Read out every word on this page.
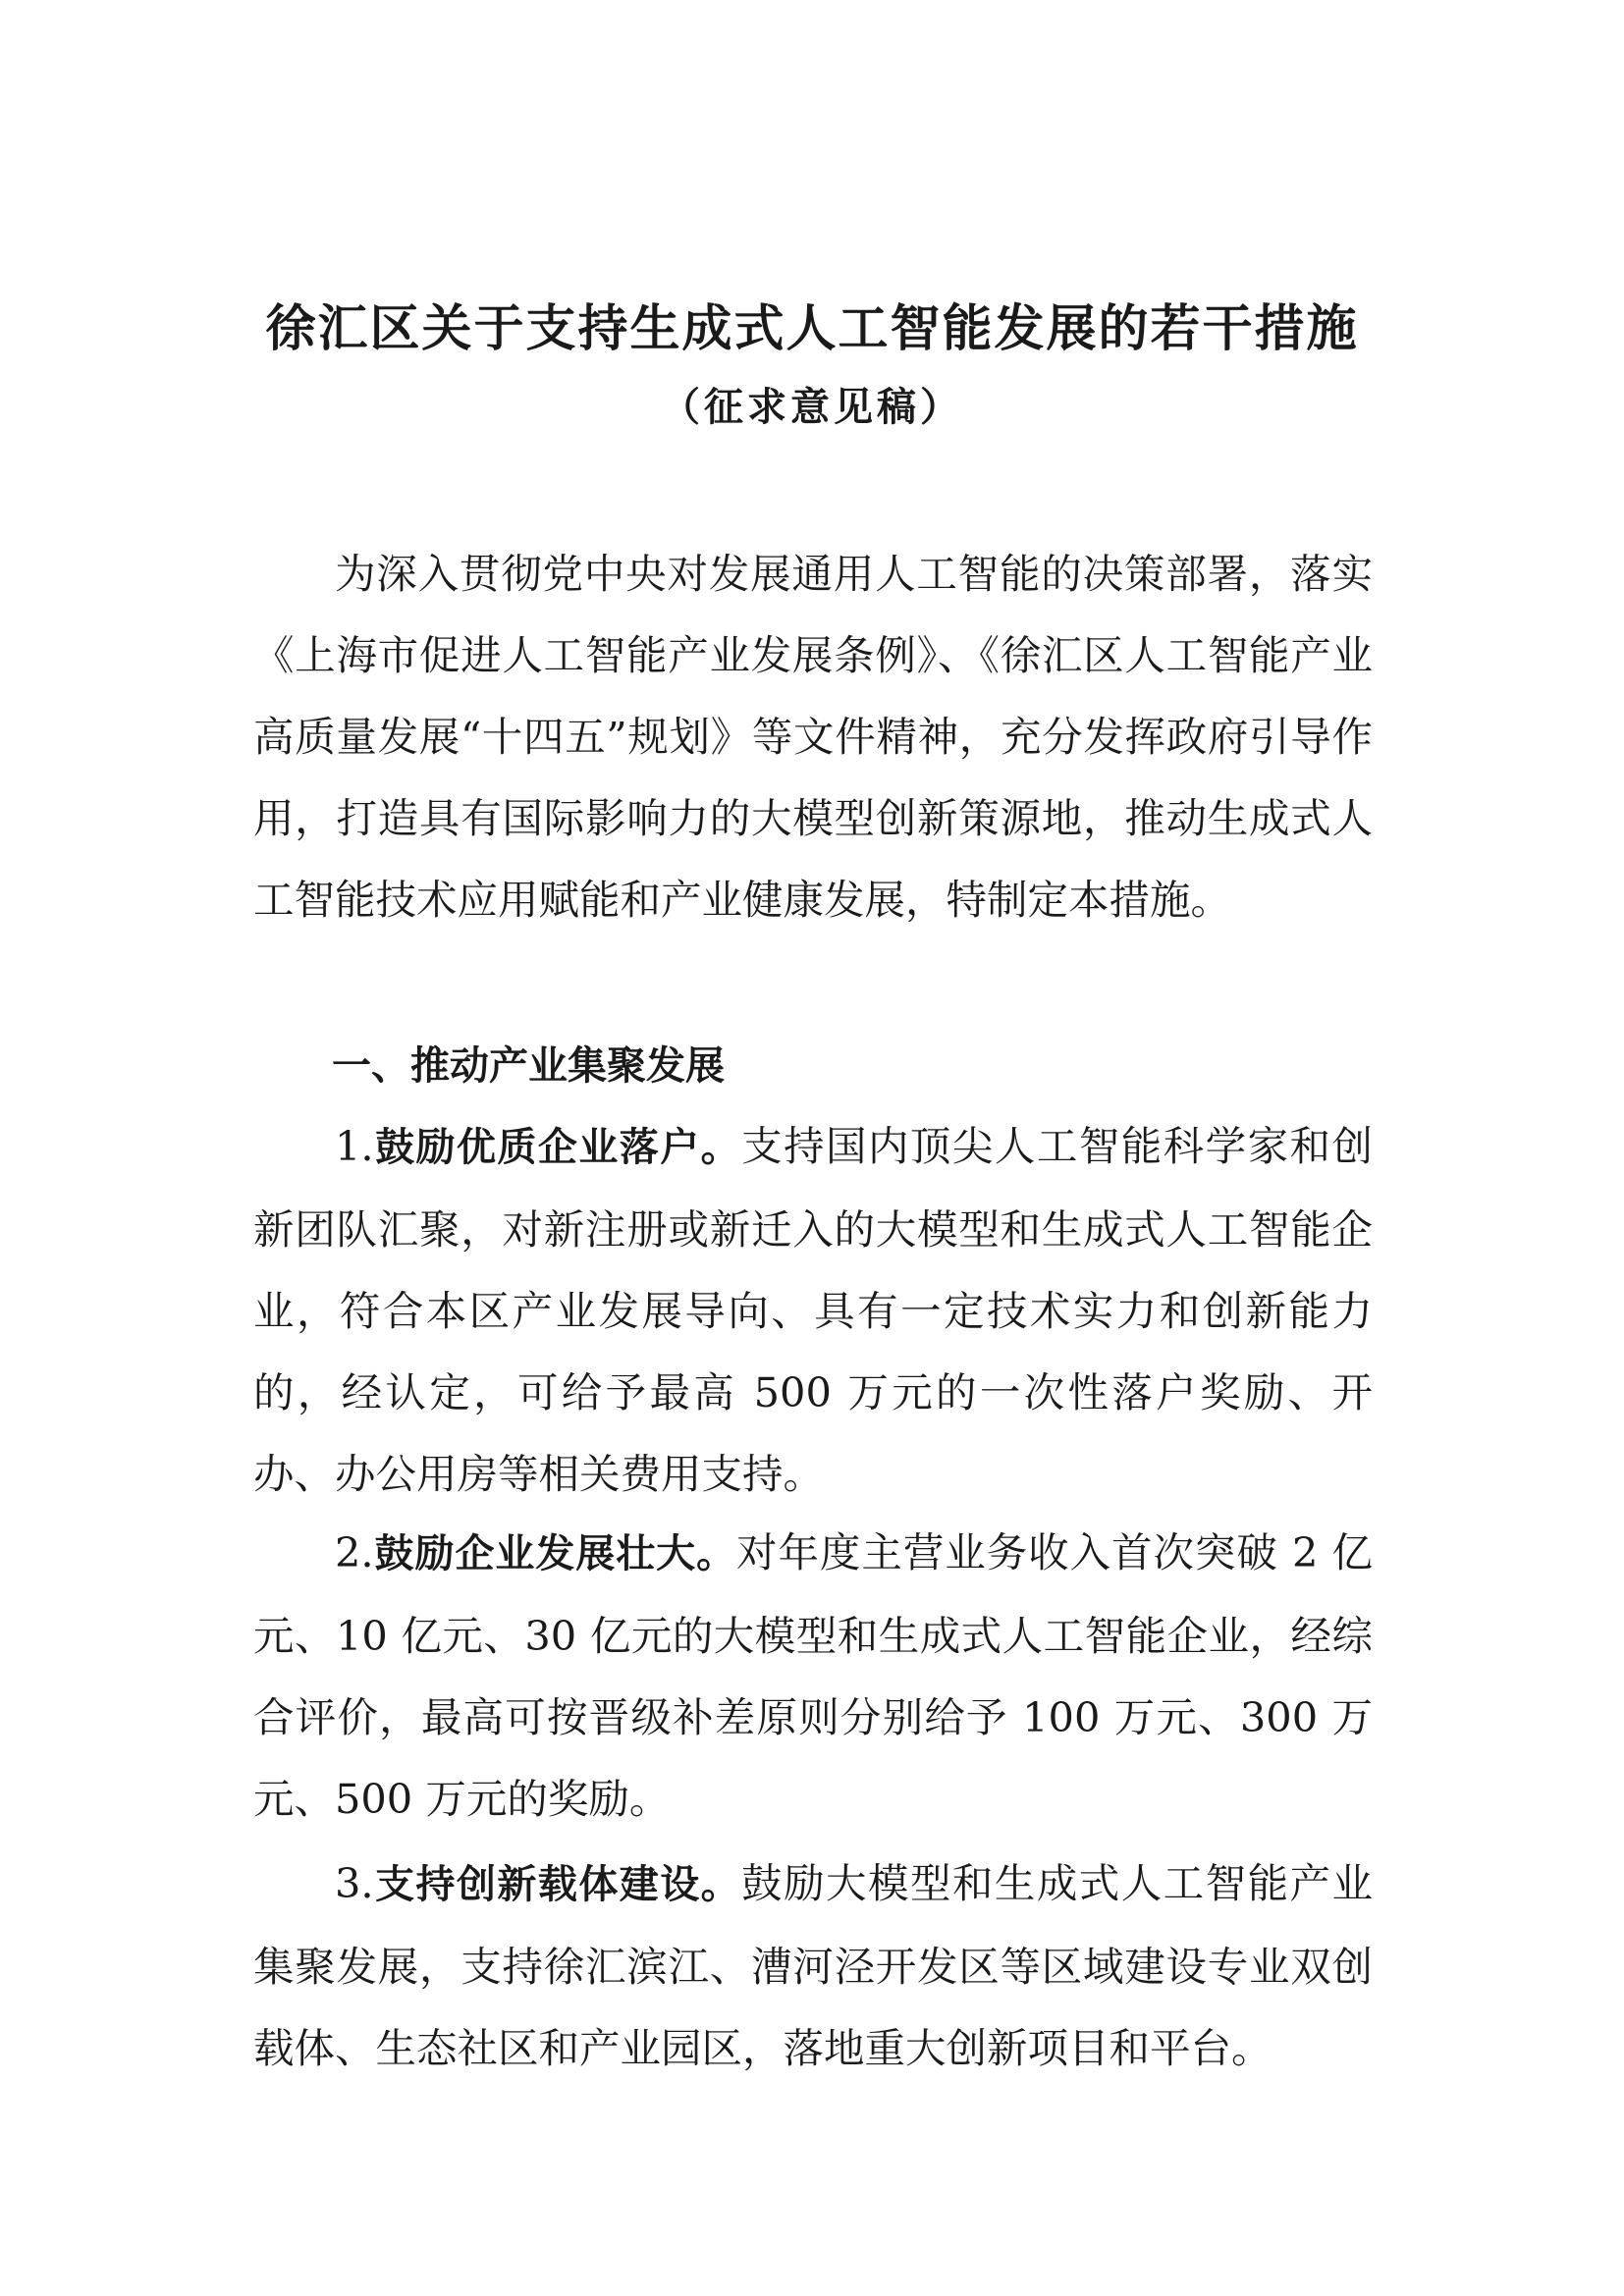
徐汇区关于支持生成式人工智能发展的若干措施
（征求意见稿）

为深入贯彻党中央对发展通用人工智能的决策部署，落实《上海市促进人工智能产业发展条例》、《徐汇区人工智能产业高质量发展“十四五”规划》等文件精神，充分发挥政府引导作用，打造具有国际影响力的大模型创新策源地，推动生成式人工智能技术应用赋能和产业健康发展，特制定本措施。

一、推动产业集聚发展

1.鼓励优质企业落户。支持国内顶尖人工智能科学家和创新团队汇聚，对新注册或新迁入的大模型和生成式人工智能企业，符合本区产业发展导向、具有一定技术实力和创新能力的，经认定，可给予最高 500 万元的一次性落户奖励、开办、办公用房等相关费用支持。

2.鼓励企业发展壮大。对年度主营业务收入首次突破 2 亿元、10 亿元、30 亿元的大模型和生成式人工智能企业，经综合评价，最高可按晋级补差原则分别给予 100 万元、300 万元、500 万元的奖励。

3.支持创新载体建设。鼓励大模型和生成式人工智能产业集聚发展，支持徐汇滨江、漕河泾开发区等区域建设专业双创载体、生态社区和产业园区，落地重大创新项目和平台。
